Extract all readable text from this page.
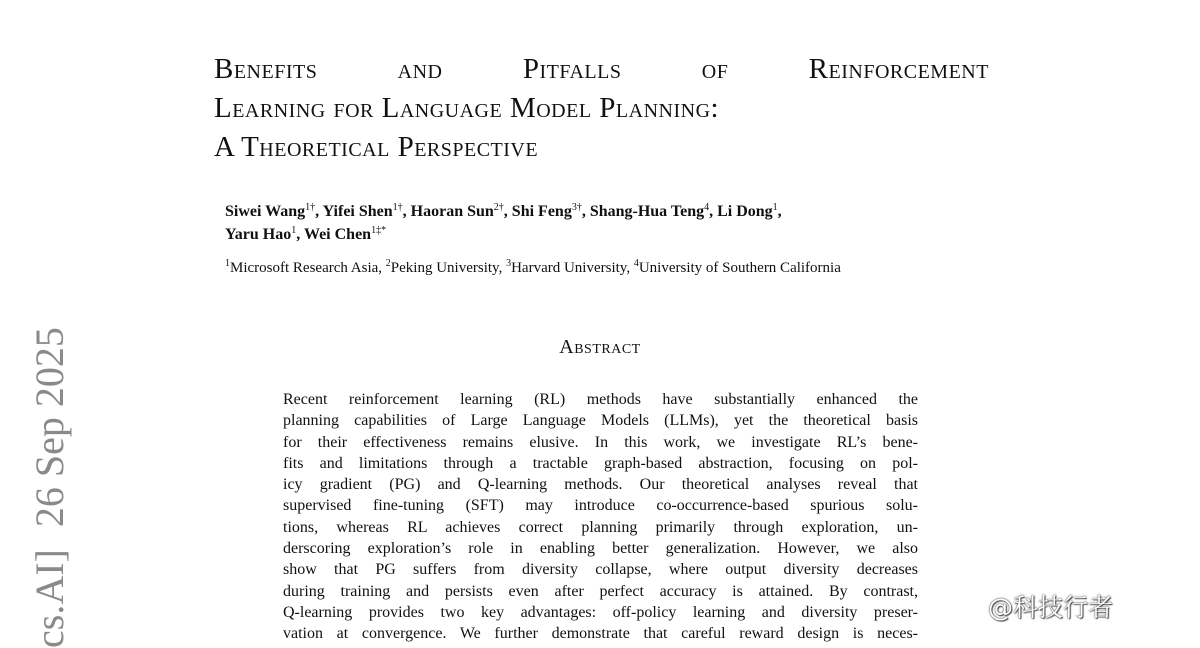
Benefits	and	Pitfalls	of	Reinforcement
Learning for Language Model Planning:
A Theoretical Perspective
Siwei Wang$^{1\dagger}$, Yifei Shen$^{1\dagger}$, Haoran Sun$^{2\dagger}$, Shi Feng$^{3\dagger}$, Shang-Hua Teng$^4$, Li Dong$^1$,
Yaru Hao$^1$, Wei Chen$^{1\ddagger*}$
$^1$Microsoft Research Asia, $^2$Peking University, $^3$Harvard University, $^4$University of Southern California
Abstract
Recent reinforcement learning (RL) methods have substantially enhanced the
planning capabilities of Large Language Models (LLMs), yet the theoretical basis
for their effectiveness remains elusive. In this work, we investigate RL’s bene-
fits and limitations through a tractable graph-based abstraction, focusing on pol-
icy gradient (PG) and Q-learning methods. Our theoretical analyses reveal that
supervised fine-tuning (SFT) may introduce co-occurrence-based spurious solu-
tions, whereas RL achieves correct planning primarily through exploration, un-
derscoring exploration’s role in enabling better generalization. However, we also
show that PG suffers from diversity collapse, where output diversity decreases
during training and persists even after perfect accuracy is attained. By contrast,
Q-learning provides two key advantages: off-policy learning and diversity preser-
vation at convergence. We further demonstrate that careful reward design is neces-
cs.AI]26 Sep 2025
@科技行者
